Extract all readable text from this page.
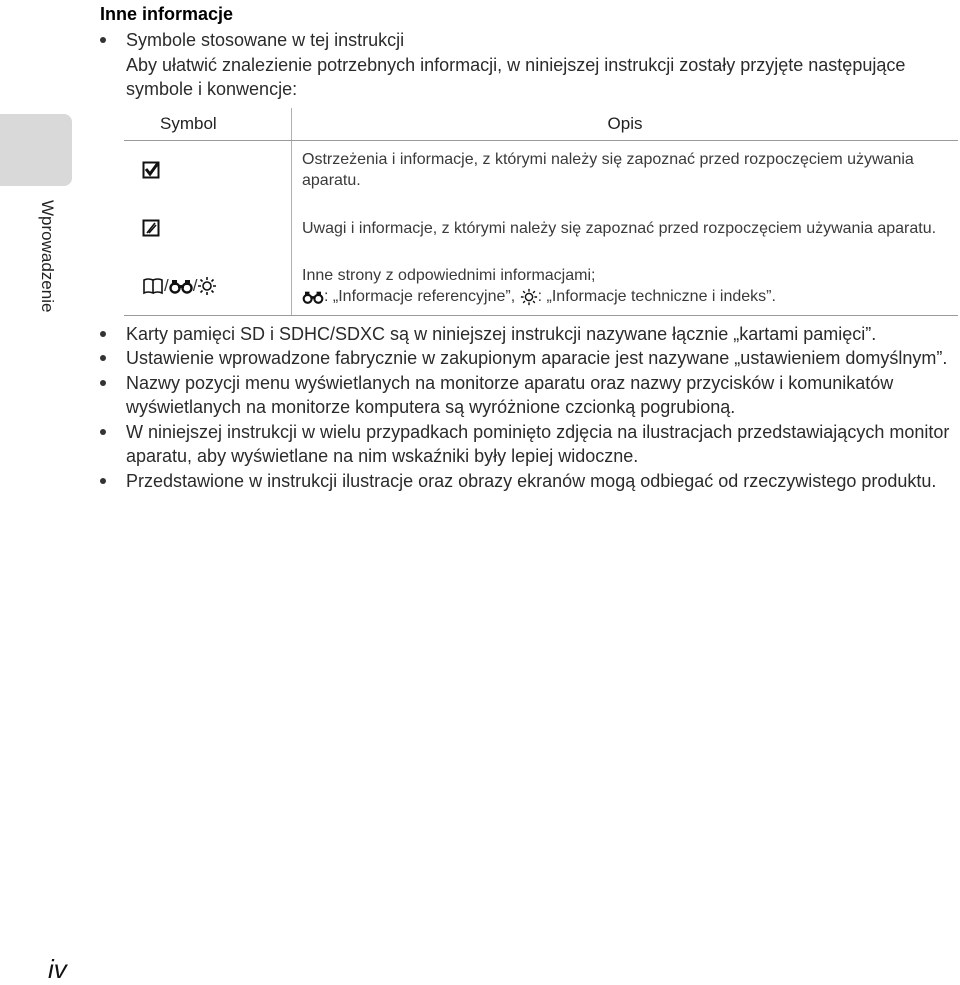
Wprowadzenie
Inne informacje
Symbole stosowane w tej instrukcji
Aby ułatwić znalezienie potrzebnych informacji, w niniejszej instrukcji zostały przyjęte następujące symbole i konwencje:
Symbol	Opis
	Ostrzeżenia i informacje, z którymi należy się zapoznać przed rozpoczęciem używania aparatu.
	Uwagi i informacje, z którymi należy się zapoznać przed rozpoczęciem używania aparatu.
/ /	Inne strony z odpowiednimi informacjami;
: „Informacje referencyjne”, : „Informacje techniczne i indeks”.
Karty pamięci SD i SDHC/SDXC są w niniejszej instrukcji nazywane łącznie „kartami pamięci”.
Ustawienie wprowadzone fabrycznie w zakupionym aparacie jest nazywane „ustawieniem domyślnym”.
Nazwy pozycji menu wyświetlanych na monitorze aparatu oraz nazwy przycisków i komunikatów wyświetlanych na monitorze komputera są wyróżnione czcionką pogrubioną.
W niniejszej instrukcji w wielu przypadkach pominięto zdjęcia na ilustracjach przedstawiających monitor aparatu, aby wyświetlane na nim wskaźniki były lepiej widoczne.
Przedstawione w instrukcji ilustracje oraz obrazy ekranów mogą odbiegać od rzeczywistego produktu.
iv
